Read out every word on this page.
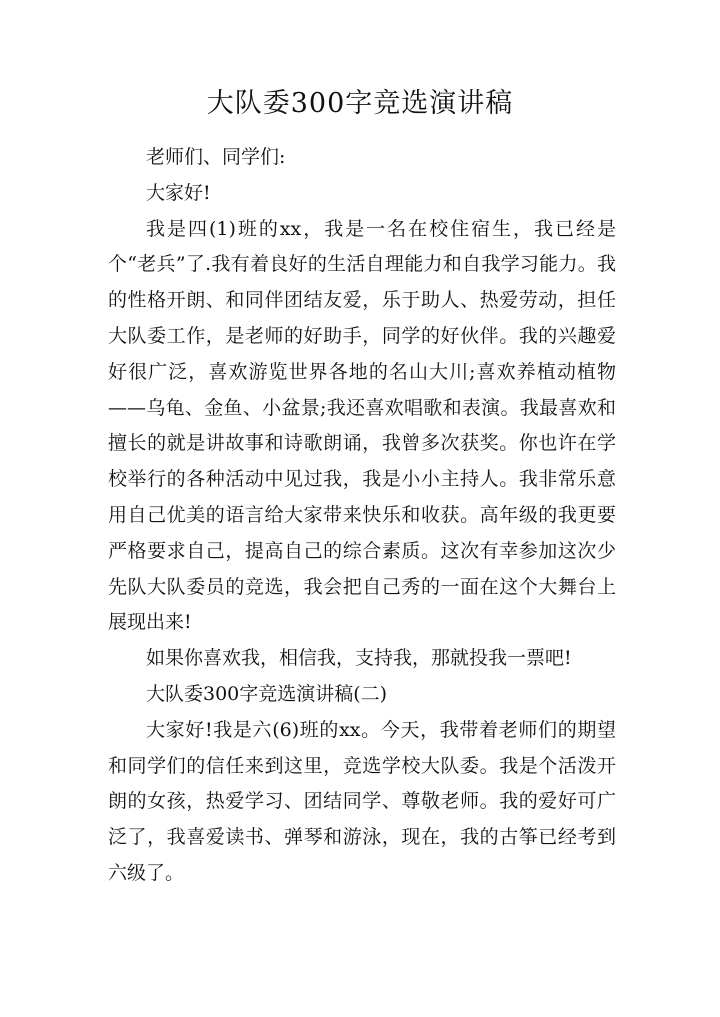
大队委300字竞选演讲稿

老师们、同学们:

大家好!

我是四(1)班的xx，我是一名在校住宿生，我已经是个“老兵”了.我有着良好的生活自理能力和自我学习能力。我的性格开朗、和同伴团结友爱，乐于助人、热爱劳动，担任大队委工作，是老师的好助手，同学的好伙伴。我的兴趣爱好很广泛，喜欢游览世界各地的名山大川;喜欢养植动植物——乌龟、金鱼、小盆景;我还喜欢唱歌和表演。我最喜欢和擅长的就是讲故事和诗歌朗诵，我曾多次获奖。你也许在学校举行的各种活动中见过我，我是小小主持人。我非常乐意用自己优美的语言给大家带来快乐和收获。高年级的我更要严格要求自己，提高自己的综合素质。这次有幸参加这次少先队大队委员的竞选，我会把自己秀的一面在这个大舞台上展现出来!

如果你喜欢我，相信我，支持我，那就投我一票吧!

大队委300字竞选演讲稿(二)

大家好!我是六(6)班的xx。今天，我带着老师们的期望和同学们的信任来到这里，竞选学校大队委。我是个活泼开朗的女孩，热爱学习、团结同学、尊敬老师。我的爱好可广泛了，我喜爱读书、弹琴和游泳，现在，我的古筝已经考到六级了。
